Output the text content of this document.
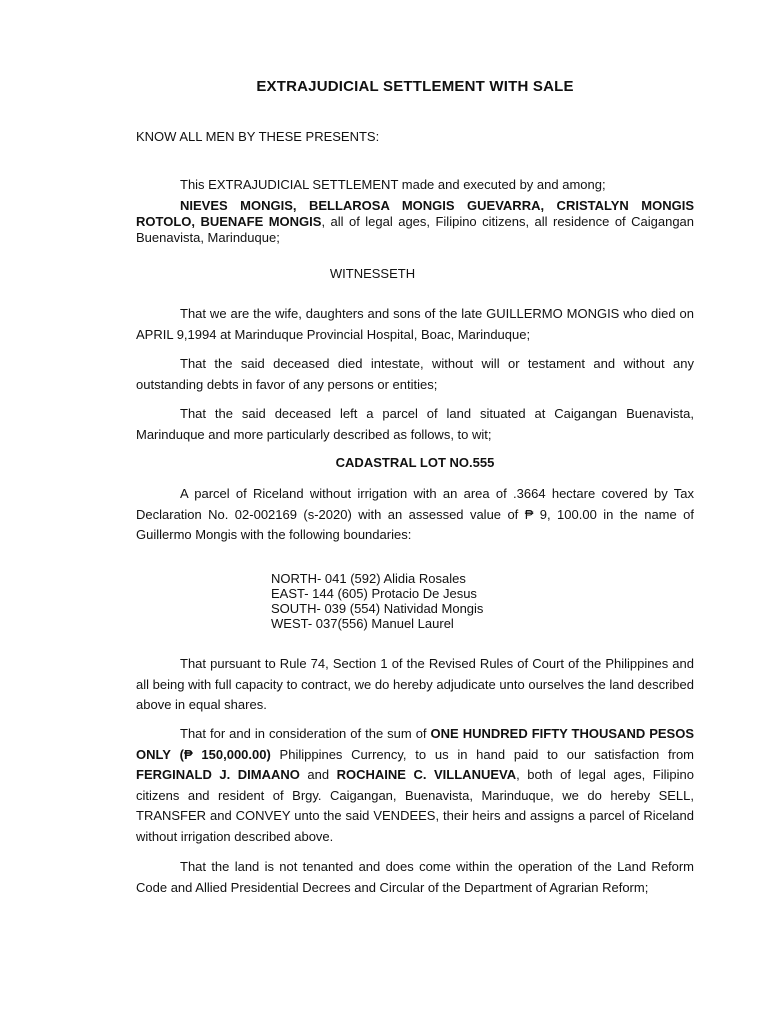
EXTRAJUDICIAL SETTLEMENT WITH SALE
KNOW ALL MEN BY THESE PRESENTS:
This EXTRAJUDICIAL SETTLEMENT made and executed by and among;
NIEVES MONGIS, BELLAROSA MONGIS GUEVARRA, CRISTALYN MONGIS ROTOLO, BUENAFE MONGIS, all of legal ages, Filipino citizens, all residence of Caigangan Buenavista, Marinduque;
WITNESSETH
That we are the wife, daughters and sons of the late GUILLERMO MONGIS who died on APRIL 9,1994 at Marinduque Provincial Hospital, Boac, Marinduque;
That the said deceased died intestate, without will or testament and without any outstanding debts in favor of any persons or entities;
That the said deceased left a parcel of land situated at Caigangan Buenavista, Marinduque and more particularly described as follows, to wit;
CADASTRAL LOT NO.555
A parcel of Riceland without irrigation with an area of .3664 hectare covered by Tax Declaration No. 02-002169 (s-2020) with an assessed value of ₱ 9, 100.00 in the name of Guillermo Mongis with the following boundaries:
NORTH- 041 (592) Alidia Rosales
EAST- 144 (605) Protacio De Jesus
SOUTH- 039 (554) Natividad Mongis
WEST- 037(556) Manuel Laurel
That pursuant to Rule 74, Section 1 of the Revised Rules of Court of the Philippines and all being with full capacity to contract, we do hereby adjudicate unto ourselves the land described above in equal shares.
That for and in consideration of the sum of ONE HUNDRED FIFTY THOUSAND PESOS ONLY (₱ 150,000.00) Philippines Currency, to us in hand paid to our satisfaction from FERGINALD J. DIMAANO and ROCHAINE C. VILLANUEVA, both of legal ages, Filipino citizens and resident of Brgy. Caigangan, Buenavista, Marinduque, we do hereby SELL, TRANSFER and CONVEY unto the said VENDEES, their heirs and assigns a parcel of Riceland without irrigation described above.
That the land is not tenanted and does come within the operation of the Land Reform Code and Allied Presidential Decrees and Circular of the Department of Agrarian Reform;
